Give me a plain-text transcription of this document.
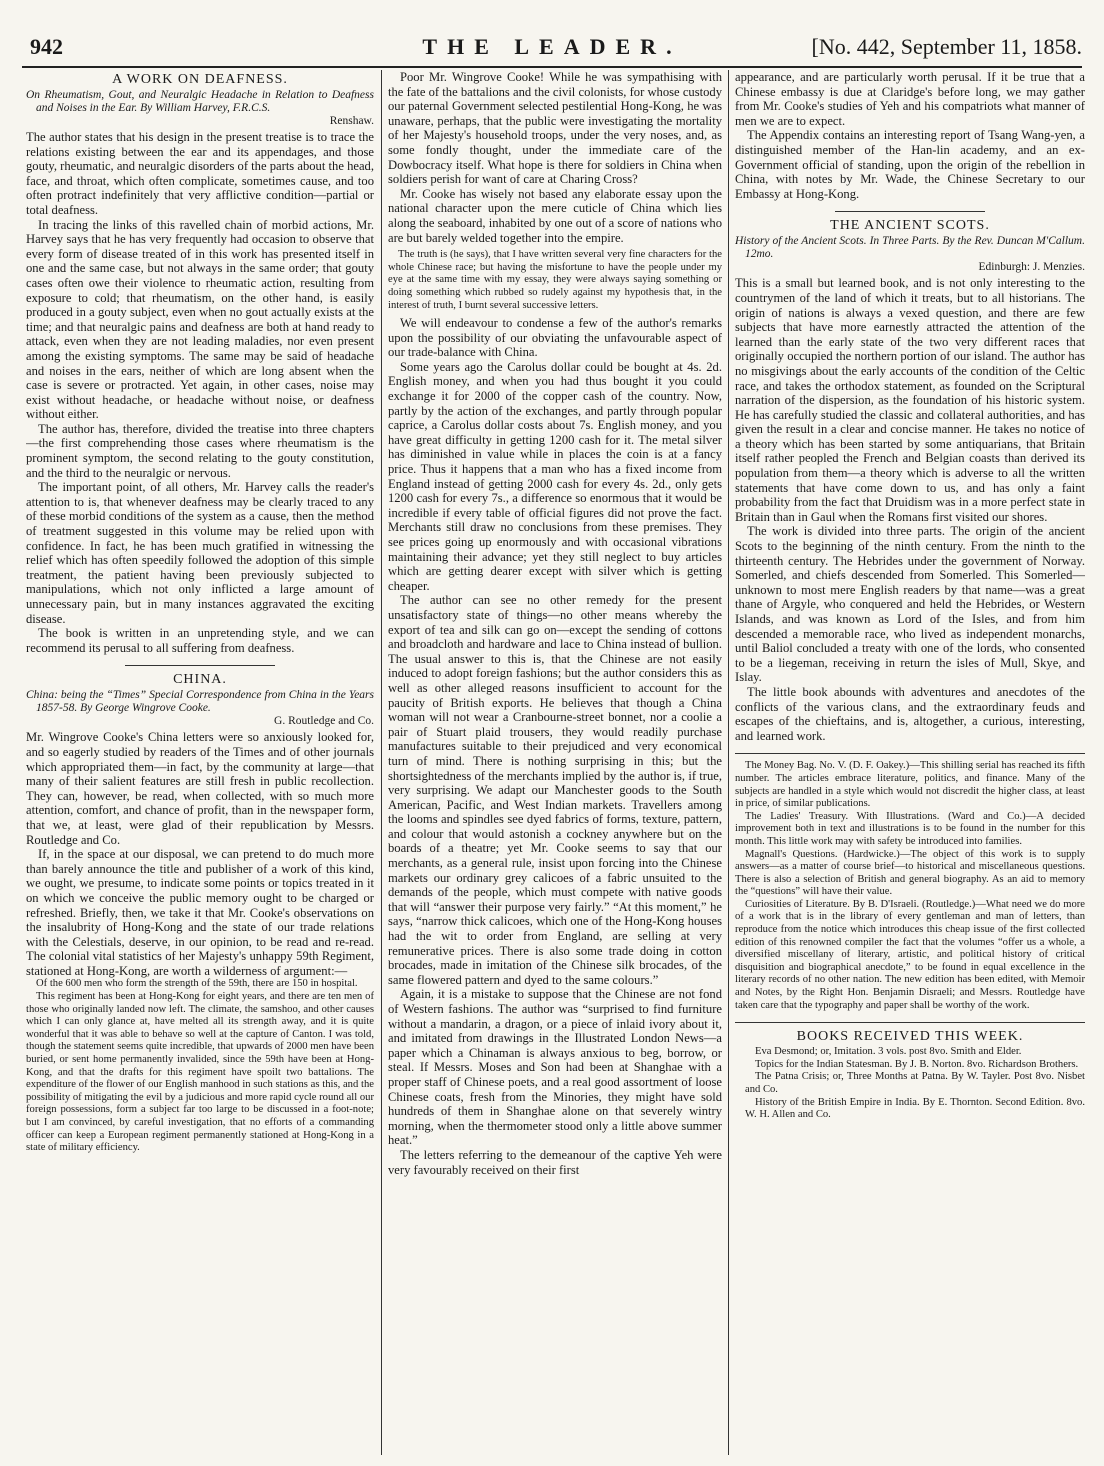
942	THE LEADER.	[No. 442, September 11, 1858.
A WORK ON DEAFNESS.

On Rheumatism, Gout, and Neuralgic Headache in Relation to Deafness and Noises in the Ear. By William Harvey, F.R.C.S.

Renshaw.

The author states that his design in the present treatise is to trace the relations existing between the ear and its appendages, and those gouty, rheumatic, and neuralgic disorders of the parts about the head, face, and throat, which often complicate, sometimes cause, and too often protract indefinitely that very afflictive condition—partial or total deafness.

In tracing the links of this ravelled chain of morbid actions, Mr. Harvey says that he has very frequently had occasion to observe that every form of disease treated of in this work has presented itself in one and the same case, but not always in the same order; that gouty cases often owe their violence to rheumatic action, resulting from exposure to cold; that rheumatism, on the other hand, is easily produced in a gouty subject, even when no gout actually exists at the time; and that neuralgic pains and deafness are both at hand ready to attack, even when they are not leading maladies, nor even present among the existing symptoms. The same may be said of headache and noises in the ears, neither of which are long absent when the case is severe or protracted. Yet again, in other cases, noise may exist without headache, or headache without noise, or deafness without either.

The author has, therefore, divided the treatise into three chapters—the first comprehending those cases where rheumatism is the prominent symptom, the second relating to the gouty constitution, and the third to the neuralgic or nervous.

The important point, of all others, Mr. Harvey calls the reader's attention to is, that whenever deafness may be clearly traced to any of these morbid conditions of the system as a cause, then the method of treatment suggested in this volume may be relied upon with confidence. In fact, he has been much gratified in witnessing the relief which has often speedily followed the adoption of this simple treatment, the patient having been previously subjected to manipulations, which not only inflicted a large amount of unnecessary pain, but in many instances aggravated the exciting disease.

The book is written in an unpretending style, and we can recommend its perusal to all suffering from deafness.

CHINA.

China: being the “Times” Special Correspondence from China in the Years 1857-58. By George Wingrove Cooke.

G. Routledge and Co.

Mr. Wingrove Cooke's China letters were so anxiously looked for, and so eagerly studied by readers of the Times and of other journals which appropriated them—in fact, by the community at large—that many of their salient features are still fresh in public recollection. They can, however, be read, when collected, with so much more attention, comfort, and chance of profit, than in the newspaper form, that we, at least, were glad of their republication by Messrs. Routledge and Co.

If, in the space at our disposal, we can pretend to do much more than barely announce the title and publisher of a work of this kind, we ought, we presume, to indicate some points or topics treated in it on which we conceive the public memory ought to be charged or refreshed. Briefly, then, we take it that Mr. Cooke's observations on the insalubrity of Hong-Kong and the state of our trade relations with the Celestials, deserve, in our opinion, to be read and re-read. The colonial vital statistics of her Majesty's unhappy 59th Regiment, stationed at Hong-Kong, are worth a wilderness of argument:—

Of the 600 men who form the strength of the 59th, there are 150 in hospital.

This regiment has been at Hong-Kong for eight years, and there are ten men of those who originally landed now left. The climate, the samshoo, and other causes which I can only glance at, have melted all its strength away, and it is quite wonderful that it was able to behave so well at the capture of Canton. I was told, though the statement seems quite incredible, that upwards of 2000 men have been buried, or sent home permanently invalided, since the 59th have been at Hong-Kong, and that the drafts for this regiment have spoilt two battalions. The expenditure of the flower of our English manhood in such stations as this, and the possibility of mitigating the evil by a judicious and more rapid cycle round all our foreign possessions, form a subject far too large to be discussed in a foot-note; but I am convinced, by careful investigation, that no efforts of a commanding officer can keep a European regiment permanently stationed at Hong-Kong in a state of military efficiency.

Poor Mr. Wingrove Cooke! While he was sympathising with the fate of the battalions and the civil colonists, for whose custody our paternal Government selected pestilential Hong-Kong, he was unaware, perhaps, that the public were investigating the mortality of her Majesty's household troops, under the very noses, and, as some fondly thought, under the immediate care of the Dowbocracy itself. What hope is there for soldiers in China when soldiers perish for want of care at Charing Cross?

Mr. Cooke has wisely not based any elaborate essay upon the national character upon the mere cuticle of China which lies along the seaboard, inhabited by one out of a score of nations who are but barely welded together into the empire.

The truth is (he says), that I have written several very fine characters for the whole Chinese race; but having the misfortune to have the people under my eye at the same time with my essay, they were always saying something or doing something which rubbed so rudely against my hypothesis that, in the interest of truth, I burnt several successive letters.

We will endeavour to condense a few of the author's remarks upon the possibility of our obviating the unfavourable aspect of our trade-balance with China.

Some years ago the Carolus dollar could be bought at 4s. 2d. English money, and when you had thus bought it you could exchange it for 2000 of the copper cash of the country. Now, partly by the action of the exchanges, and partly through popular caprice, a Carolus dollar costs about 7s. English money, and you have great difficulty in getting 1200 cash for it. The metal silver has diminished in value while in places the coin is at a fancy price. Thus it happens that a man who has a fixed income from England instead of getting 2000 cash for every 4s. 2d., only gets 1200 cash for every 7s., a difference so enormous that it would be incredible if every table of official figures did not prove the fact. Merchants still draw no conclusions from these premises. They see prices going up enormously and with occasional vibrations maintaining their advance; yet they still neglect to buy articles which are getting dearer except with silver which is getting cheaper.

The author can see no other remedy for the present unsatisfactory state of things—no other means whereby the export of tea and silk can go on—except the sending of cottons and broadcloth and hardware and lace to China instead of bullion. The usual answer to this is, that the Chinese are not easily induced to adopt foreign fashions; but the author considers this as well as other alleged reasons insufficient to account for the paucity of British exports. He believes that though a China woman will not wear a Cranbourne-street bonnet, nor a coolie a pair of Stuart plaid trousers, they would readily purchase manufactures suitable to their prejudiced and very economical turn of mind. There is nothing surprising in this; but the shortsightedness of the merchants implied by the author is, if true, very surprising. We adapt our Manchester goods to the South American, Pacific, and West Indian markets. Travellers among the looms and spindles see dyed fabrics of forms, texture, pattern, and colour that would astonish a cockney anywhere but on the boards of a theatre; yet Mr. Cooke seems to say that our merchants, as a general rule, insist upon forcing into the Chinese markets our ordinary grey calicoes of a fabric unsuited to the demands of the people, which must compete with native goods that will “answer their purpose very fairly.” “At this moment,” he says, “narrow thick calicoes, which one of the Hong-Kong houses had the wit to order from England, are selling at very remunerative prices. There is also some trade doing in cotton brocades, made in imitation of the Chinese silk brocades, of the same flowered pattern and dyed to the same colours.”

Again, it is a mistake to suppose that the Chinese are not fond of Western fashions. The author was “surprised to find furniture without a mandarin, a dragon, or a piece of inlaid ivory about it, and imitated from drawings in the Illustrated London News—a paper which a Chinaman is always anxious to beg, borrow, or steal. If Messrs. Moses and Son had been at Shanghae with a proper staff of Chinese poets, and a real good assortment of loose Chinese coats, fresh from the Minories, they might have sold hundreds of them in Shanghae alone on that severely wintry morning, when the thermometer stood only a little above summer heat.”

The letters referring to the demeanour of the captive Yeh were very favourably received on their first

appearance, and are particularly worth perusal. If it be true that a Chinese embassy is due at Claridge's before long, we may gather from Mr. Cooke's studies of Yeh and his compatriots what manner of men we are to expect.

The Appendix contains an interesting report of Tsang Wang-yen, a distinguished member of the Han-lin academy, and an ex-Government official of standing, upon the origin of the rebellion in China, with notes by Mr. Wade, the Chinese Secretary to our Embassy at Hong-Kong.

THE ANCIENT SCOTS.

History of the Ancient Scots. In Three Parts. By the Rev. Duncan M'Callum. 12mo.

Edinburgh: J. Menzies.

This is a small but learned book, and is not only interesting to the countrymen of the land of which it treats, but to all historians. The origin of nations is always a vexed question, and there are few subjects that have more earnestly attracted the attention of the learned than the early state of the two very different races that originally occupied the northern portion of our island. The author has no misgivings about the early accounts of the condition of the Celtic race, and takes the orthodox statement, as founded on the Scriptural narration of the dispersion, as the foundation of his historic system. He has carefully studied the classic and collateral authorities, and has given the result in a clear and concise manner. He takes no notice of a theory which has been started by some antiquarians, that Britain itself rather peopled the French and Belgian coasts than derived its population from them—a theory which is adverse to all the written statements that have come down to us, and has only a faint probability from the fact that Druidism was in a more perfect state in Britain than in Gaul when the Romans first visited our shores.

The work is divided into three parts. The origin of the ancient Scots to the beginning of the ninth century. From the ninth to the thirteenth century. The Hebrides under the government of Norway. Somerled, and chiefs descended from Somerled. This Somerled—unknown to most mere English readers by that name—was a great thane of Argyle, who conquered and held the Hebrides, or Western Islands, and was known as Lord of the Isles, and from him descended a memorable race, who lived as independent monarchs, until Baliol concluded a treaty with one of the lords, who consented to be a liegeman, receiving in return the isles of Mull, Skye, and Islay.

The little book abounds with adventures and anecdotes of the conflicts of the various clans, and the extraordinary feuds and escapes of the chieftains, and is, altogether, a curious, interesting, and learned work.

The Money Bag. No. V. (D. F. Oakey.)—This shilling serial has reached its fifth number. The articles embrace literature, politics, and finance. Many of the subjects are handled in a style which would not discredit the higher class, at least in price, of similar publications.

The Ladies' Treasury. With Illustrations. (Ward and Co.)—A decided improvement both in text and illustrations is to be found in the number for this month. This little work may with safety be introduced into families.

Magnall's Questions. (Hardwicke.)—The object of this work is to supply answers—as a matter of course brief—to historical and miscellaneous questions. There is also a selection of British and general biography. As an aid to memory the “questions” will have their value.

Curiosities of Literature. By B. D'Israeli. (Routledge.)—What need we do more of a work that is in the library of every gentleman and man of letters, than reproduce from the notice which introduces this cheap issue of the first collected edition of this renowned compiler the fact that the volumes “offer us a whole, a diversified miscellany of literary, artistic, and political history of critical disquisition and biographical anecdote,” to be found in equal excellence in the literary records of no other nation. The new edition has been edited, with Memoir and Notes, by the Right Hon. Benjamin Disraeli; and Messrs. Routledge have taken care that the typography and paper shall be worthy of the work.

BOOKS RECEIVED THIS WEEK.

Eva Desmond; or, Imitation. 3 vols. post 8vo. Smith and Elder.

Topics for the Indian Statesman. By J. B. Norton. 8vo. Richardson Brothers.

The Patna Crisis; or, Three Months at Patna. By W. Tayler. Post 8vo. Nisbet and Co.

History of the British Empire in India. By E. Thornton. Second Edition. 8vo. W. H. Allen and Co.
